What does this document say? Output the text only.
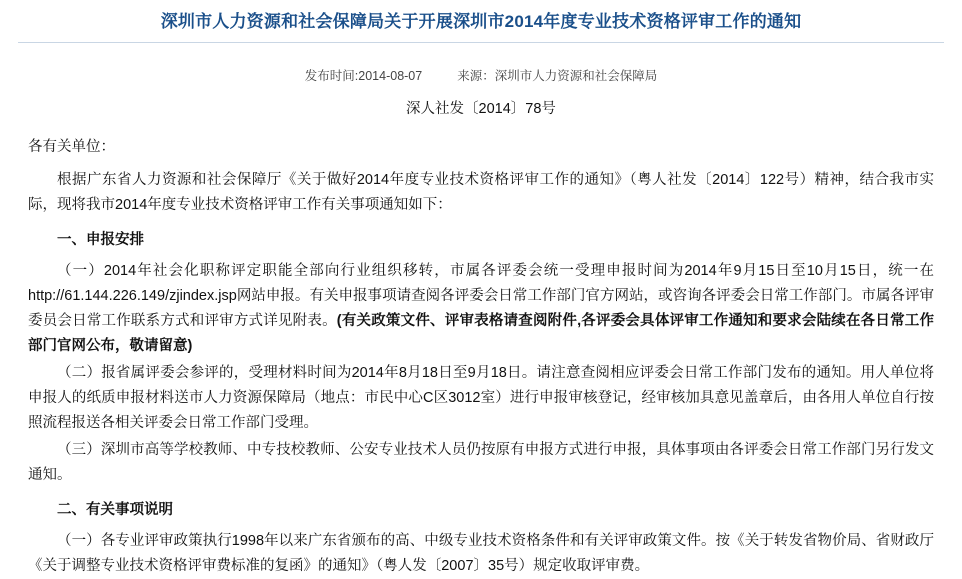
深圳市人力资源和社会保障局关于开展深圳市2014年度专业技术资格评审工作的通知
发布时间:2014-08-07	来源：深圳市人力资源和社会保障局
深人社发〔2014〕78号

各有关单位：

根据广东省人力资源和社会保障厅《关于做好2014年度专业技术资格评审工作的通知》（粤人社发〔2014〕122号）精神，结合我市实际，现将我市2014年度专业技术资格评审工作有关事项通知如下：

一、申报安排

（一）2014年社会化职称评定职能全部向行业组织移转，市属各评委会统一受理申报时间为2014年9月15日至10月15日，统一在http://61.144.226.149/zjindex.jsp网站申报。有关申报事项请查阅各评委会日常工作部门官方网站，或咨询各评委会日常工作部门。市属各评审委员会日常工作联系方式和评审方式详见附表。(有关政策文件、评审表格请查阅附件,各评委会具体评审工作通知和要求会陆续在各日常工作部门官网公布，敬请留意)

（二）报省属评委会参评的，受理材料时间为2014年8月18日至9月18日。请注意查阅相应评委会日常工作部门发布的通知。用人单位将申报人的纸质申报材料送市人力资源保障局（地点：市民中心C区3012室）进行申报审核登记，经审核加具意见盖章后，由各用人单位自行按照流程报送各相关评委会日常工作部门受理。

（三）深圳市高等学校教师、中专技校教师、公安专业技术人员仍按原有申报方式进行申报，具体事项由各评委会日常工作部门另行发文通知。

二、有关事项说明

（一）各专业评审政策执行1998年以来广东省颁布的高、中级专业技术资格条件和有关评审政策文件。按《关于转发省物价局、省财政厅《关于调整专业技术资格评审费标准的复函》的通知》（粤人发〔2007〕35号）规定收取评审费。
